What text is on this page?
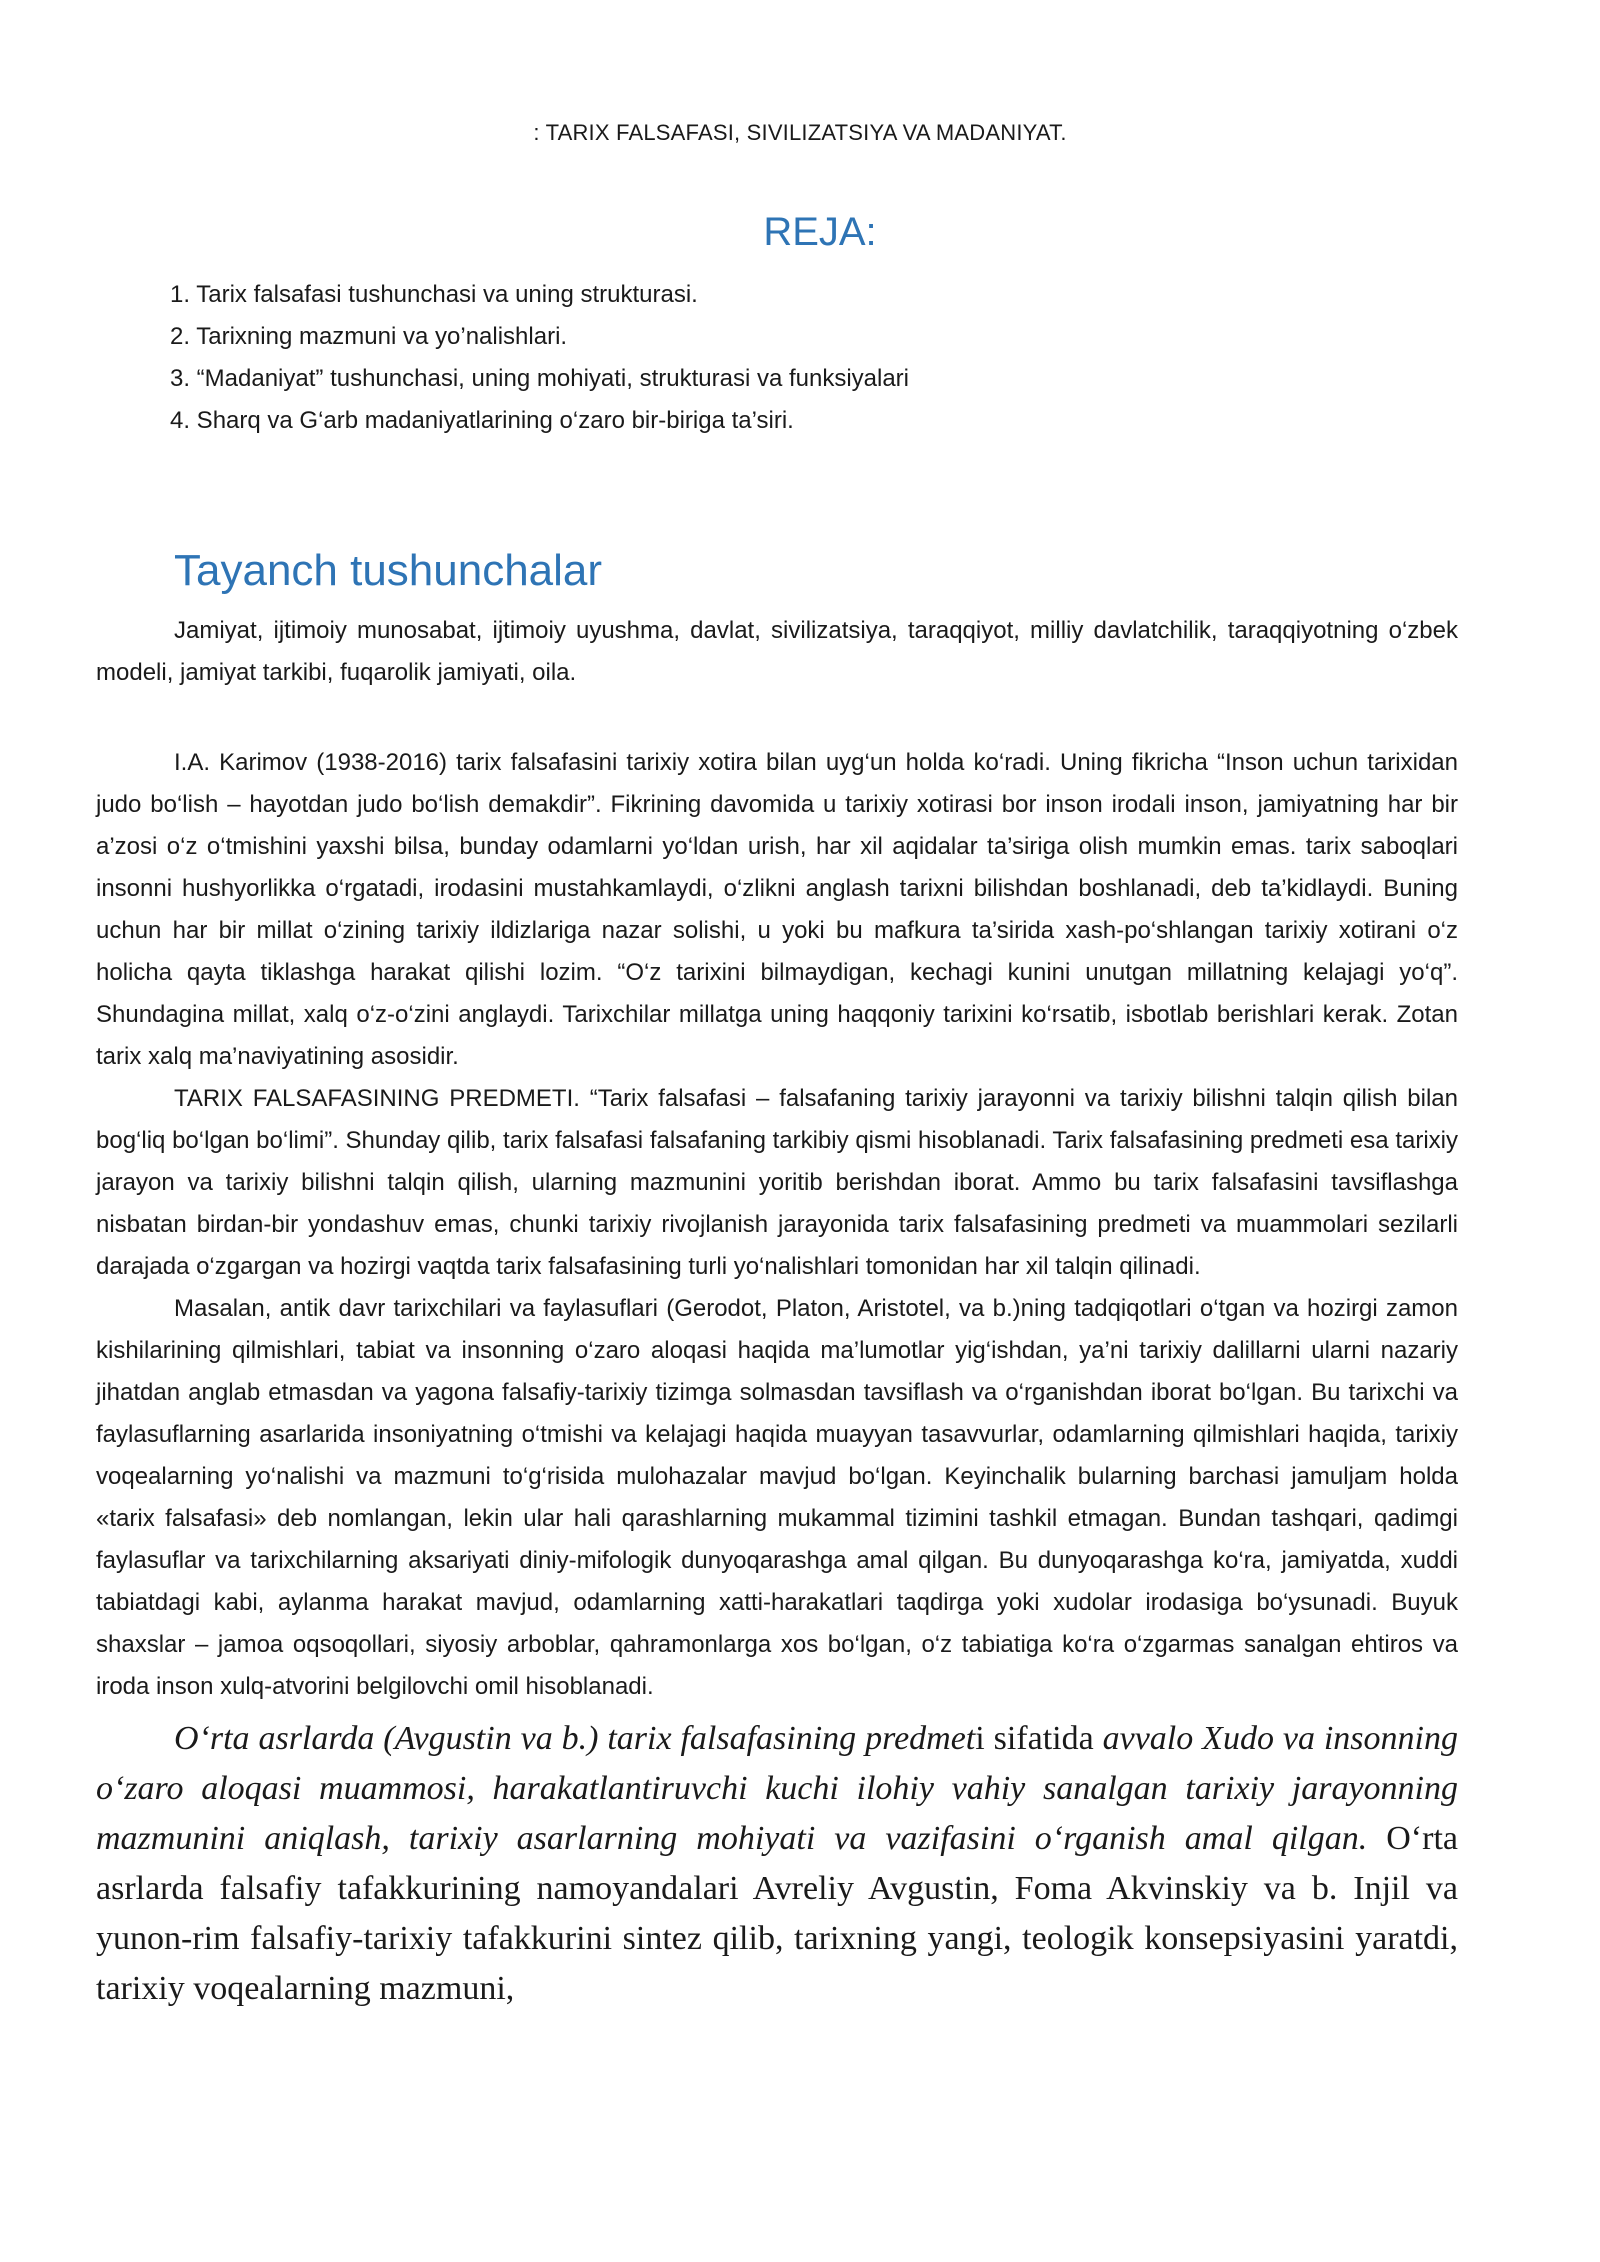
: TARIX FALSAFASI, SIVILIZATSIYA VA MADANIYAT.
REJA:
1. Tarix falsafasi tushunchasi va uning strukturasi.
2. Tarixning mazmuni va yo’nalishlari.
3. “Madaniyat” tushunchasi, uning mohiyati, strukturasi va funksiyalari
4. Sharq va G‘arb madaniyatlarining o‘zaro bir-biriga ta’siri.
Tayanch tushunchalar

Jamiyat, ijtimoiy munosabat, ijtimoiy uyushma, davlat, sivilizatsiya, taraqqiyot, milliy davlatchilik, taraqqiyotning o‘zbek modeli, jamiyat tarkibi, fuqarolik jamiyati, oila.

I.A. Karimov (1938-2016) tarix falsafasini tarixiy xotira bilan uyg‘un holda ko‘radi. Uning fikricha “Inson uchun tarixidan judo bo‘lish – hayotdan judo bo‘lish demakdir”. Fikrining davomida u tarixiy xotirasi bor inson irodali inson, jamiyatning har bir a’zosi o‘z o‘tmishini yaxshi bilsa, bunday odamlarni yo‘ldan urish, har xil aqidalar ta’siriga olish mumkin emas. tarix saboqlari insonni hushyorlikka o‘rgatadi, irodasini mustahkamlaydi, o‘zlikni anglash tarixni bilishdan boshlanadi, deb ta’kidlaydi. Buning uchun har bir millat o‘zining tarixiy ildizlariga nazar solishi, u yoki bu mafkura ta’sirida xash-po‘shlangan tarixiy xotirani o‘z holicha qayta tiklashga harakat qilishi lozim. “O‘z tarixini bilmaydigan, kechagi kunini unutgan millatning kelajagi yo‘q”. Shundagina millat, xalq o‘z-o‘zini anglaydi. Tarixchilar millatga uning haqqoniy tarixini ko‘rsatib, isbotlab berishlari kerak. Zotan tarix xalq ma’naviyatining asosidir.

TARIX FALSAFASINING PREDMETI. “Tarix falsafasi – falsafaning tarixiy jarayonni va tarixiy bilishni talqin qilish bilan bog‘liq bo‘lgan bo‘limi”. Shunday qilib, tarix falsafasi falsafaning tarkibiy qismi hisoblanadi. Tarix falsafasining predmeti esa tarixiy jarayon va tarixiy bilishni talqin qilish, ularning mazmunini yoritib berishdan iborat. Ammo bu tarix falsafasini tavsiflashga nisbatan birdan-bir yondashuv emas, chunki tarixiy rivojlanish jarayonida tarix falsafasining predmeti va muammolari sezilarli darajada o‘zgargan va hozirgi vaqtda tarix falsafasining turli yo‘nalishlari tomonidan har xil talqin qilinadi.

Masalan, antik davr tarixchilari va faylasuflari (Gerodot, Platon, Aristotel, va b.)ning tadqiqotlari o‘tgan va hozirgi zamon kishilarining qilmishlari, tabiat va insonning o‘zaro aloqasi haqida ma’lumotlar yig‘ishdan, ya’ni tarixiy dalillarni ularni nazariy jihatdan anglab etmasdan va yagona falsafiy-tarixiy tizimga solmasdan tavsiflash va o‘rganishdan iborat bo‘lgan. Bu tarixchi va faylasuflarning asarlarida insoniyatning o‘tmishi va kelajagi haqida muayyan tasavvurlar, odamlarning qilmishlari haqida, tarixiy voqealarning yo‘nalishi va mazmuni to‘g‘risida mulohazalar mavjud bo‘lgan. Keyinchalik bularning barchasi jamuljam holda «tarix falsafasi» deb nomlangan, lekin ular hali qarashlarning mukammal tizimini tashkil etmagan. Bundan tashqari, qadimgi faylasuflar va tarixchilarning aksariyati diniy-mifologik dunyoqarashga amal qilgan. Bu dunyoqarashga ko‘ra, jamiyatda, xuddi tabiatdagi kabi, aylanma harakat mavjud, odamlarning xatti-harakatlari taqdirga yoki xudolar irodasiga bo‘ysunadi. Buyuk shaxslar – jamoa oqsoqollari, siyosiy arboblar, qahramonlarga xos bo‘lgan, o‘z tabiatiga ko‘ra o‘zgarmas sanalgan ehtiros va iroda inson xulq-atvorini belgilovchi omil hisoblanadi.

O‘rta asrlarda (Avgustin va b.) tarix falsafasining predmeti sifatida avvalo Xudo va insonning o‘zaro aloqasi muammosi, harakatlantiruvchi kuchi ilohiy vahiy sanalgan tarixiy jarayonning mazmunini aniqlash, tarixiy asarlarning mohiyati va vazifasini o‘rganish amal qilgan. O‘rta asrlarda falsafiy tafakkurining namoyandalari Avreliy Avgustin, Foma Akvinskiy va b. Injil va yunon-rim falsafiy-tarixiy tafakkurini sintez qilib, tarixning yangi, teologik konsepsiyasini yaratdi, tarixiy voqealarning mazmuni,
